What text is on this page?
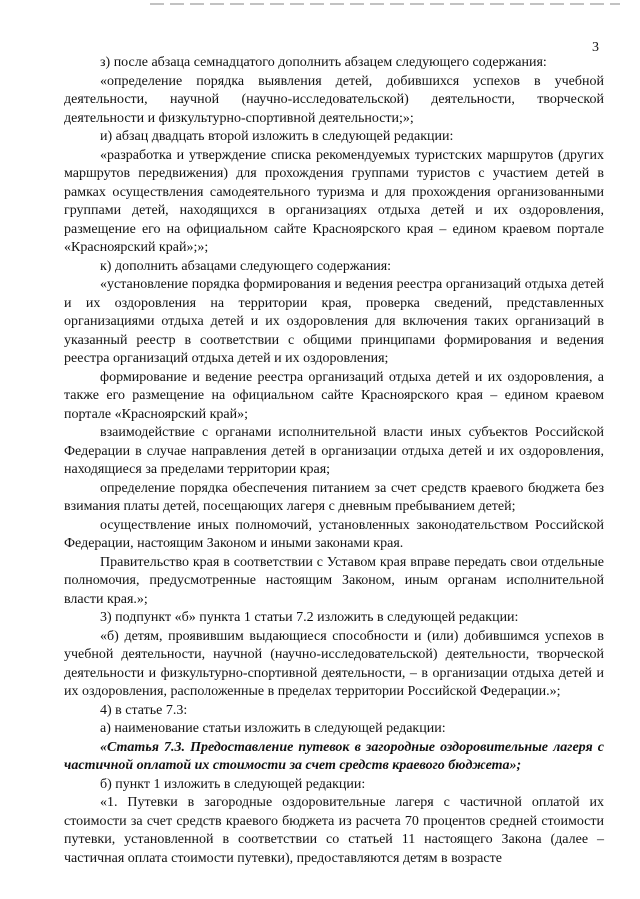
3

з) после абзаца семнадцатого дополнить абзацем следующего содержания:

«определение порядка выявления детей, добившихся успехов в учебной деятельности, научной (научно-исследовательской) деятельности, творческой деятельности и физкультурно-спортивной деятельности;»;

и) абзац двадцать второй изложить в следующей редакции:

«разработка и утверждение списка рекомендуемых туристских маршрутов (других маршрутов передвижения) для прохождения группами туристов с участием детей в рамках осуществления самодеятельного туризма и для прохождения организованными группами детей, находящихся в организациях отдыха детей и их оздоровления, размещение его на официальном сайте Красноярского края – едином краевом портале «Красноярский край»;»;

к) дополнить абзацами следующего содержания:

«установление порядка формирования и ведения реестра организаций отдыха детей и их оздоровления на территории края, проверка сведений, представленных организациями отдыха детей и их оздоровления для включения таких организаций в указанный реестр в соответствии с общими принципами формирования и ведения реестра организаций отдыха детей и их оздоровления;

формирование и ведение реестра организаций отдыха детей и их оздоровления, а также его размещение на официальном сайте Красноярского края – едином краевом портале «Красноярский край»;

взаимодействие с органами исполнительной власти иных субъектов Российской Федерации в случае направления детей в организации отдыха детей и их оздоровления, находящиеся за пределами территории края;

определение порядка обеспечения питанием за счет средств краевого бюджета без взимания платы детей, посещающих лагеря с дневным пребыванием детей;

осуществление иных полномочий, установленных законодательством Российской Федерации, настоящим Законом и иными законами края.

Правительство края в соответствии с Уставом края вправе передать свои отдельные полномочия, предусмотренные настоящим Законом, иным органам исполнительной власти края.»;

3) подпункт «б» пункта 1 статьи 7.2 изложить в следующей редакции:

«б) детям, проявившим выдающиеся способности и (или) добившимся успехов в учебной деятельности, научной (научно-исследовательской) деятельности, творческой деятельности и физкультурно-спортивной деятельности, – в организации отдыха детей и их оздоровления, расположенные в пределах территории Российской Федерации.»;

4) в статье 7.3:

а) наименование статьи изложить в следующей редакции:

«Статья 7.3. Предоставление путевок в загородные оздоровительные лагеря с частичной оплатой их стоимости за счет средств краевого бюджета»;

б) пункт 1 изложить в следующей редакции:

«1. Путевки в загородные оздоровительные лагеря с частичной оплатой их стоимости за счет средств краевого бюджета из расчета 70 процентов средней стоимости путевки, установленной в соответствии со статьей 11 настоящего Закона (далее – частичная оплата стоимости путевки), предоставляются детям в возрасте
